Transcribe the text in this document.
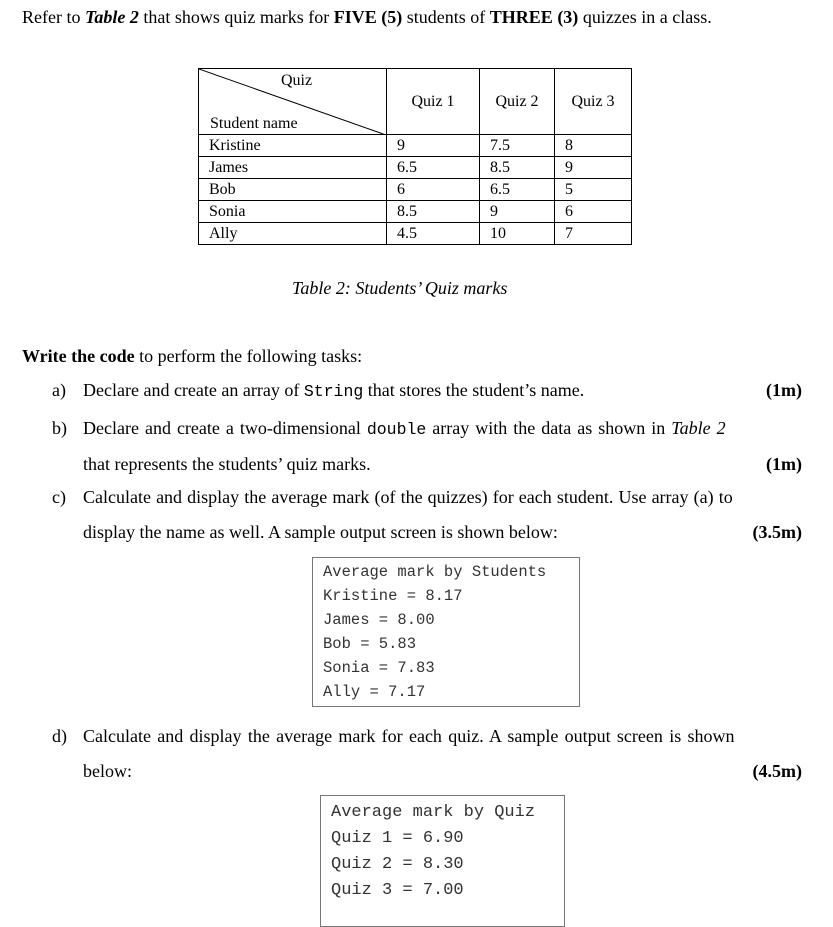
Refer to Table 2 that shows quiz marks for FIVE (5) students of THREE (3) quizzes in a class.
Quiz
Student name	Quiz 1	Quiz 2	Quiz 3
Kristine	9	7.5	8
James	6.5	8.5	9
Bob	6	6.5	5
Sonia	8.5	9	6
Ally	4.5	10	7
Table 2: Students’ Quiz marks
Write the code to perform the following tasks:
a) Declare and create an array of String that stores the student’s name.	(1m)
b) Declare and create a two-dimensional double array with the data as shown in Table 2
that represents the students’ quiz marks.	(1m)
c) Calculate and display the average mark (of the quizzes) for each student. Use array (a) to
display the name as well. A sample output screen is shown below:	(3.5m)
Average mark by Students
Kristine = 8.17
James = 8.00
Bob = 5.83
Sonia = 7.83
Ally = 7.17
d) Calculate and display the average mark for each quiz. A sample output screen is shown
below:	(4.5m)
Average mark by Quiz
Quiz 1 = 6.90
Quiz 2 = 8.30
Quiz 3 = 7.00
